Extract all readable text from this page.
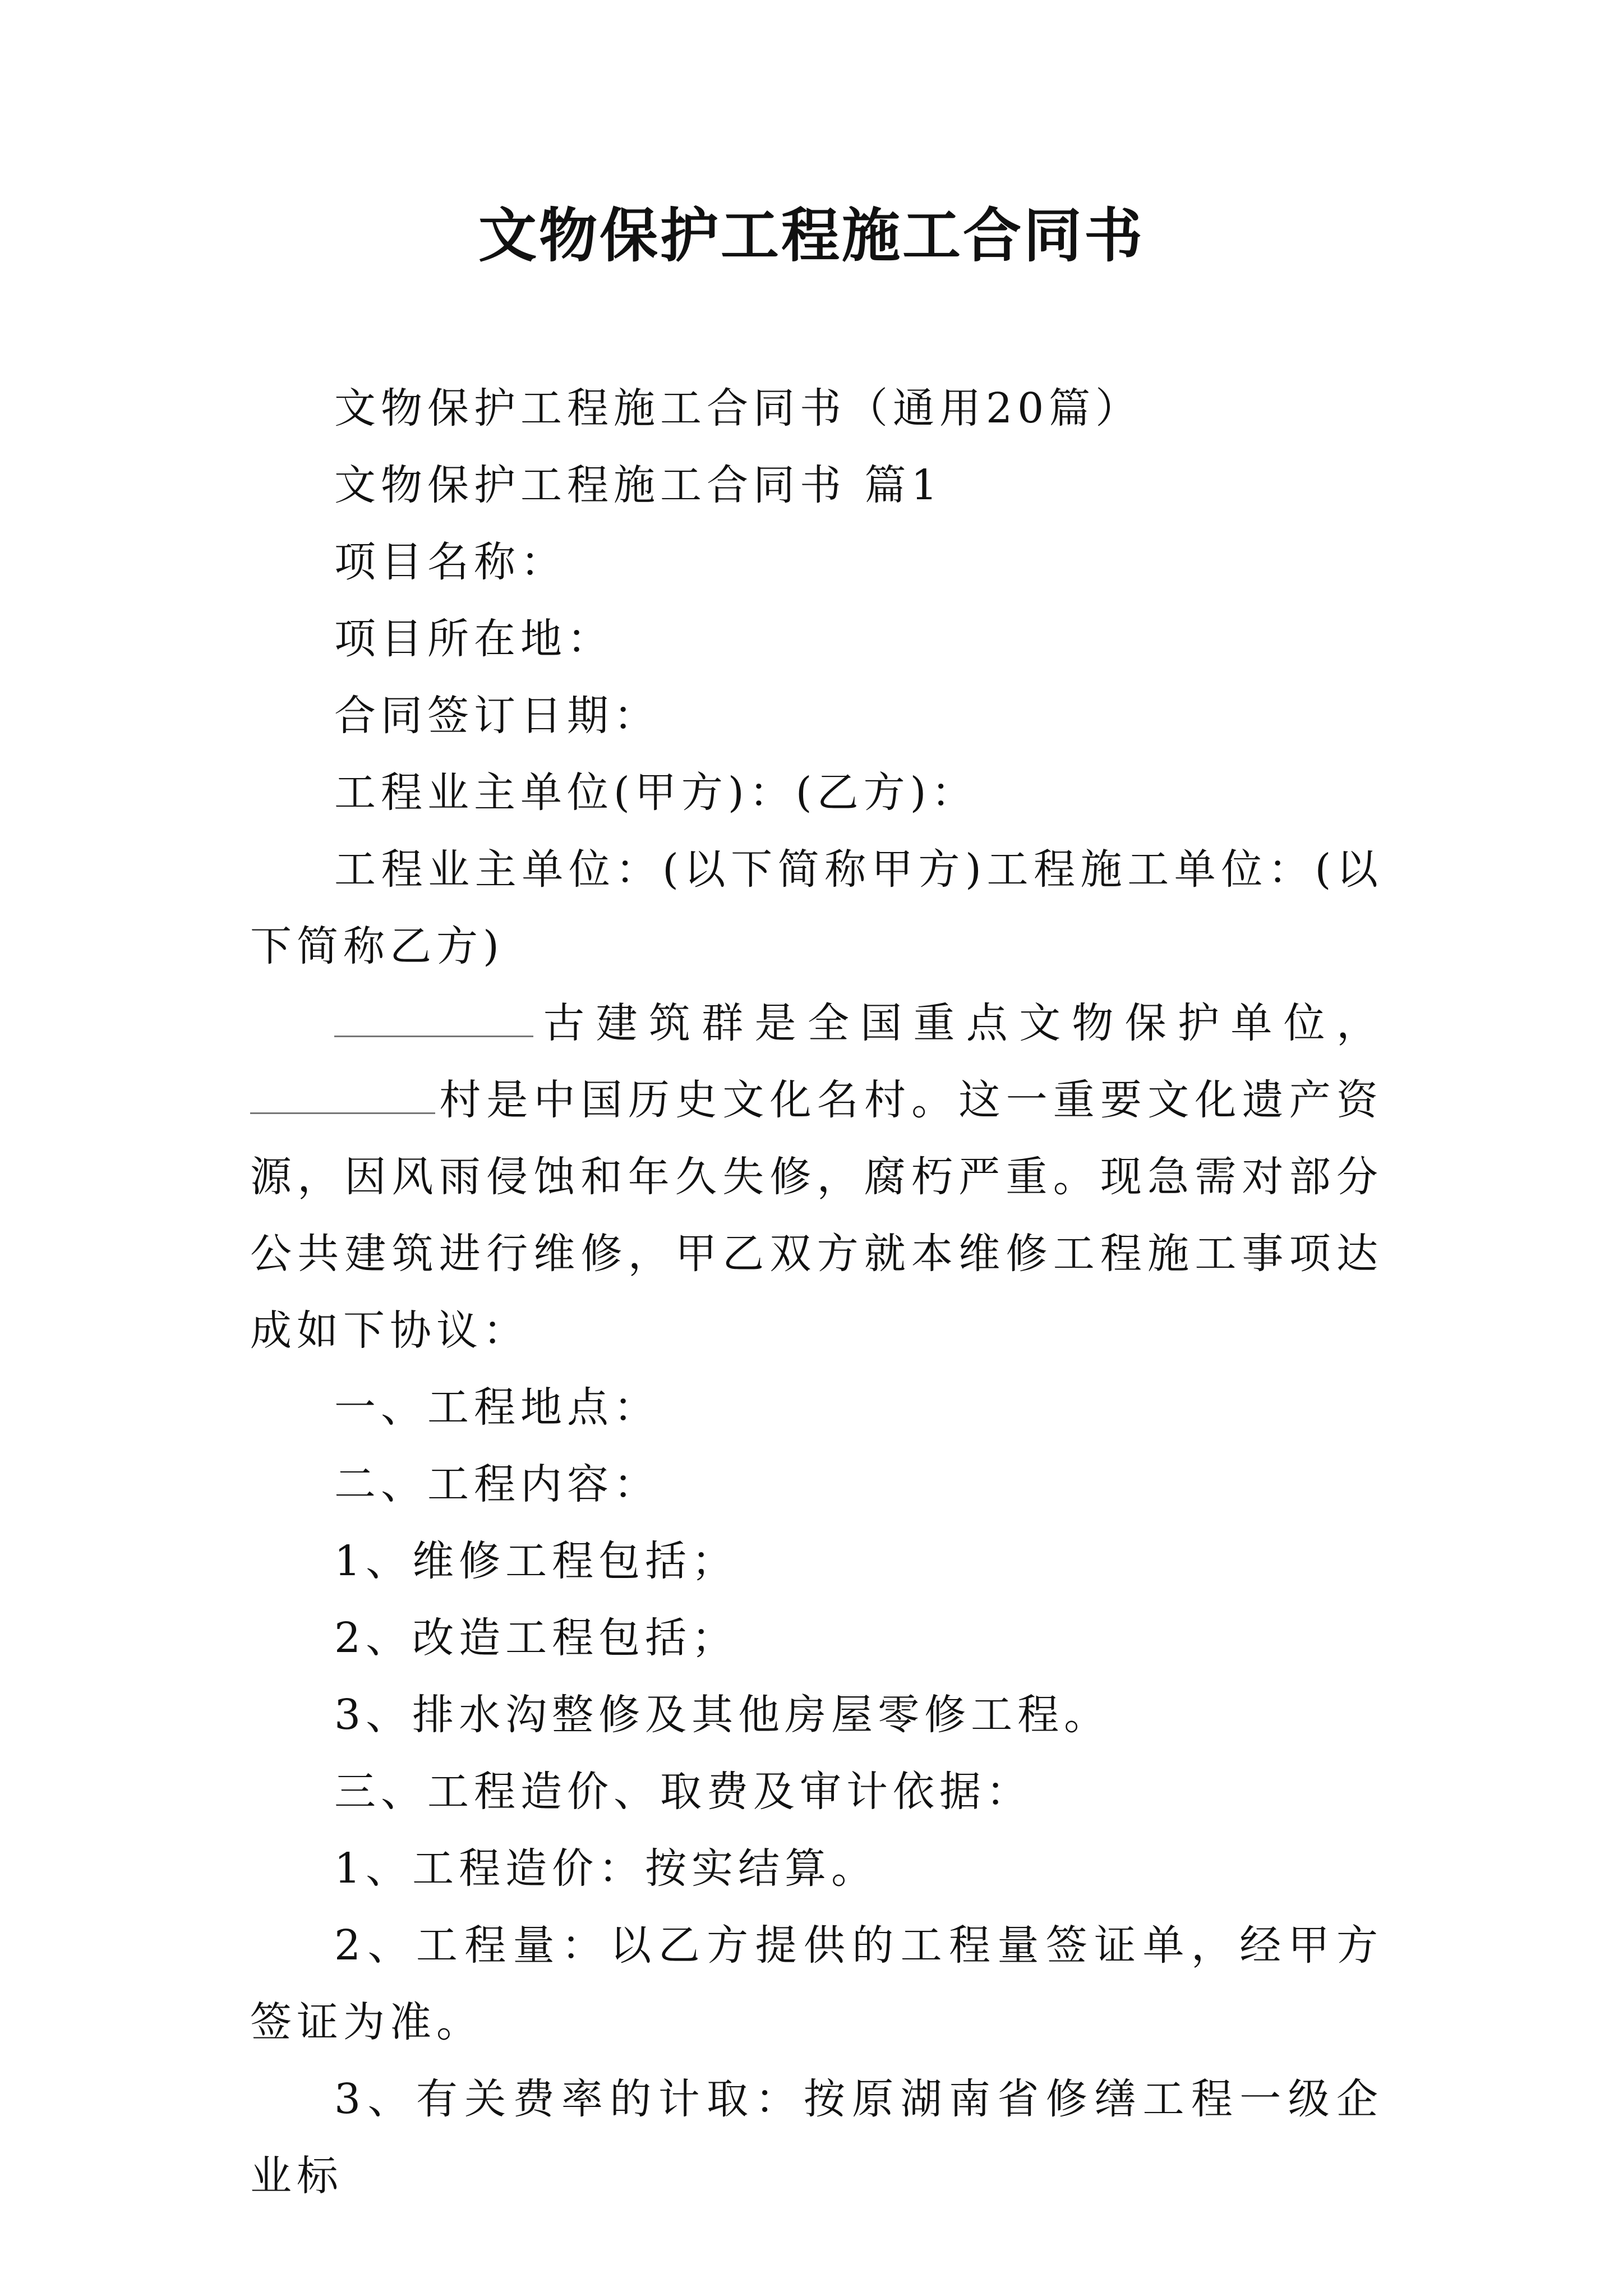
文物保护工程施工合同书

文物保护工程施工合同书（通用20篇）

文物保护工程施工合同书 篇1

项目名称：

项目所在地：

合同签订日期：

工程业主单位(甲方)：(乙方)：

工程业主单位：(以下简称甲方)工程施工单位：(以下简称乙方)

古建筑群是全国重点文物保护单位，村是中国历史文化名村。这一重要文化遗产资源，因风雨侵蚀和年久失修，腐朽严重。现急需对部分公共建筑进行维修，甲乙双方就本维修工程施工事项达成如下协议：

一、工程地点：

二、工程内容：

1、维修工程包括；

2、改造工程包括；

3、排水沟整修及其他房屋零修工程。

三、工程造价、取费及审计依据：

1、工程造价：按实结算。

2、工程量：以乙方提供的工程量签证单，经甲方签证为准。

3、有关费率的计取：按原湖南省修缮工程一级企业标
